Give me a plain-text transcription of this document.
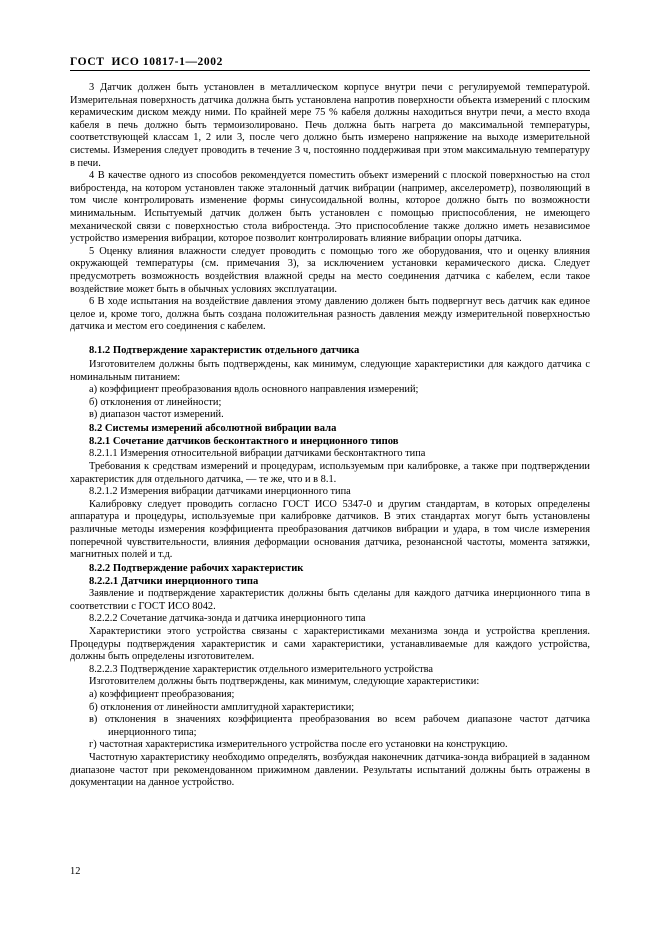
ГОСТ  ИСО 10817-1—2002

3 Датчик должен быть установлен в металлическом корпусе внутри печи с регулируемой температурой. Измерительная поверхность датчика должна быть установлена напротив поверхности объекта измерений с плоским керамическим диском между ними. По крайней мере 75 % кабеля должны находиться внутри печи, а место входа кабеля в печь должно быть термоизолировано. Печь должна быть нагрета до максимальной температуры, соответствующей классам 1, 2 или 3, после чего должно быть измерено напряжение на выходе измерительной системы. Измерения следует проводить в течение 3 ч, постоянно поддерживая при этом максимальную температуру в печи.

4 В качестве одного из способов рекомендуется поместить объект измерений с плоской поверхностью на стол вибростенда, на котором установлен также эталонный датчик вибрации (например, акселерометр), позволяющий в том числе контролировать изменение формы синусоидальной волны, которое должно быть по возможности минимальным. Испытуемый датчик должен быть установлен с помощью приспособления, не имеющего механической связи с поверхностью стола вибростенда. Это приспособление также должно иметь независимое устройство измерения вибрации, которое позволит контролировать влияние вибрации опоры датчика.

5 Оценку влияния влажности следует проводить с помощью того же оборудования, что и оценку влияния окружающей температуры (см. примечания 3), за исключением установки керамического диска. Следует предусмотреть возможность воздействия влажной среды на место соединения датчика с кабелем, если такое воздействие может быть в обычных условиях эксплуатации.

6 В ходе испытания на воздействие давления этому давлению должен быть подвергнут весь датчик как единое целое и, кроме того, должна быть создана положительная разность давления между измерительной поверхностью датчика и местом его соединения с кабелем.

8.1.2 Подтверждение характеристик отдельного датчика

Изготовителем должны быть подтверждены, как минимум, следующие характеристики для каждого датчика с номинальным питанием:

а) коэффициент преобразования вдоль основного направления измерений;

б) отклонения от линейности;

в) диапазон частот измерений.

8.2 Системы измерений абсолютной вибрации вала
8.2.1 Сочетание датчиков бесконтактного и инерционного типов

8.2.1.1 Измерения относительной вибрации датчиками бесконтактного типа

Требования к средствам измерений и процедурам, используемым при калибровке, а также при подтверждении характеристик для отдельного датчика, — те же, что и в 8.1.

8.2.1.2 Измерения вибрации датчиками инерционного типа

Калибровку следует проводить согласно ГОСТ ИСО 5347-0 и другим стандартам, в которых определены аппаратура и процедуры, используемые при калибровке датчиков. В этих стандартах могут быть установлены различные методы измерения коэффициента преобразования датчиков вибрации и удара, в том числе измерения поперечной чувствительности, влияния деформации основания датчика, резонансной частоты, момента затяжки, магнитных полей и т.д.

8.2.2 Подтверждение рабочих характеристик
8.2.2.1 Датчики инерционного типа

Заявление и подтверждение характеристик должны быть сделаны для каждого датчика инерционного типа в соответствии с ГОСТ ИСО 8042.

8.2.2.2 Сочетание датчика-зонда и датчика инерционного типа

Характеристики этого устройства связаны с характеристиками механизма зонда и устройства крепления. Процедуры подтверждения характеристик и сами характеристики, устанавливаемые для каждого устройства, должны быть определены изготовителем.

8.2.2.3 Подтверждение характеристик отдельного измерительного устройства

Изготовителем должны быть подтверждены, как минимум, следующие характеристики:

а) коэффициент преобразования;

б) отклонения от линейности амплитудной характеристики;

в) отклонения в значениях коэффициента преобразования во всем рабочем диапазоне частот датчика инерционного типа;

г) частотная характеристика измерительного устройства после его установки на конструкцию.

Частотную характеристику необходимо определять, возбуждая наконечник датчика-зонда вибрацией в заданном диапазоне частот при рекомендованном прижимном давлении. Результаты испытаний должны быть отражены в документации на данное устройство.

12
